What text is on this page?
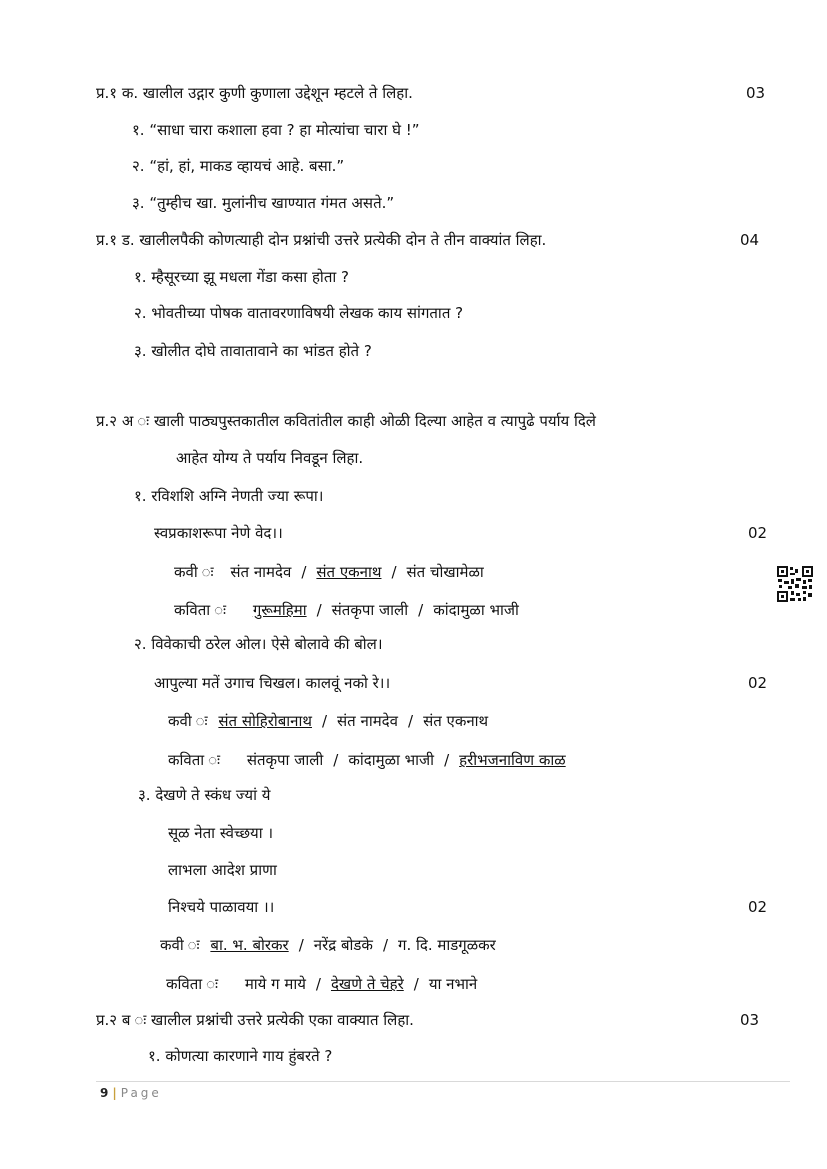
प्र.१ क. खालील उद्गार कुणी कुणाला उद्देशून म्हटले ते लिहा.	03
१. “साधा चारा कशाला हवा ? हा मोत्यांचा चारा घे !”
२. “हां, हां, माकड व्हायचं आहे. बसा.”
३. “तुम्हीच खा. मुलांनीच खाण्यात गंमत असते.”
प्र.१ ड. खालीलपैकी कोणत्याही दोन प्रश्नांची उत्तरे प्रत्येकी दोन ते तीन वाक्यांत लिहा.	04
१. म्हैसूरच्या झू मधला गेंडा कसा होता ?
२. भोवतीच्या पोषक वातावरणाविषयी लेखक काय सांगतात ?
३. खोलीत दोघे तावातावाने का भांडत होते ?
प्र.२ अ ः खाली पाठ्यपुस्तकातील कवितांतील काही ओळी दिल्या आहेत व त्यापुढे पर्याय दिले
आहेत योग्य ते पर्याय निवडून लिहा.
१. रविशशि अग्नि नेणती ज्या रूपा।
स्वप्रकाशरूपा नेणे वेद।।	02
कवी ः संत नामदेव / संत एकनाथ / संत चोखामेळा
कविता ः गुरूमहिमा / संतकृपा जाली / कांदामुळा भाजी
२. विवेकाची ठरेल ओल। ऐसे बोलावे की बोल।
आपुल्या मतें उगाच चिखल। कालवूं नको रे।।	02
कवी ः संत सोहिरोबानाथ / संत नामदेव / संत एकनाथ
कविता ः संतकृपा जाली / कांदामुळा भाजी / हरीभजनाविण काळ
३. देखणे ते स्कंध ज्यां ये
सूळ नेता स्वेच्छया ।
लाभला आदेश प्राणा
निश्चये पाळावया ।।	02
कवी ः बा. भ. बोरकर / नरेंद्र बोडके / ग. दि. माडगूळकर
कविता ः माये ग माये / देखणे ते चेहरे / या नभाने
प्र.२ ब ः खालील प्रश्नांची उत्तरे प्रत्येकी एका वाक्यात लिहा.	03
१. कोणत्या कारणाने गाय हुंबरते ?
9 | Page
